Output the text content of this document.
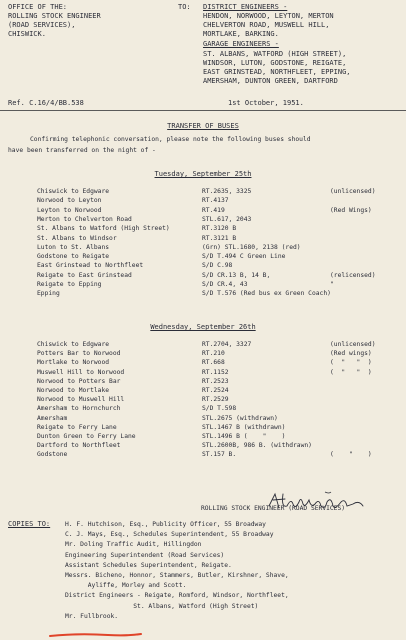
OFFICE OF THE:
ROLLING STOCK ENGINEER
(ROAD SERVICES),
CHISWICK.
TO: DISTRICT ENGINEERS -
HENDON, NORWOOD, LEYTON, MERTON
CHELVERTON ROAD, MUSWELL HILL,
MORTLAKE, BARKING.
GARAGE ENGINEERS -
ST. ALBANS, WATFORD (HIGH STREET),
WINDSOR, LUTON, GODSTONE, REIGATE,
EAST GRINSTEAD, NORTHFLEET, EPPING,
AMERSHAM, DUNTON GREEN, DARTFORD
Ref. C.16/4/BB.538	1st October, 1951.
TRANSFER OF BUSES
Confirming telephonic conversation, please note the following buses should
have been transferred on the night of -
Tuesday, September 25th
Wednesday, September 26th
ROLLING STOCK ENGINEER (ROAD SERVICES)
COPIES TO:
Chiswick to Edgware	RT.2635, 3325	(unlicensed)
Norwood to Leyton	RT.4137
Leyton to Norwood	RT.419	(Red Wings)
Merton to Chelverton Road	STL.617, 2043
St. Albans to Watford (High Street)	RT.3120 B
St. Albans to Windsor	RT.3121 B
Luton to St. Albans	(Grn) STL.1680, 2138 (red)
Godstone to Reigate	S/D T.494 C Green Line
East Grinstead to Northfleet	S/D C.98
Reigate to East Grinstead	S/D CR.13 B, 14 B,	(relicensed)
Reigate to Epping	S/D CR.4, 43	"
Epping	S/D T.576 (Red bus ex Green Coach)
Chiswick to Edgware	RT.2704, 3327	(unlicensed)
Potters Bar to Norwood	RT.210	(Red wings)
Mortlake to Norwood	RT.668	(  "   "  )
Muswell Hill to Norwood	RT.1152	(  "   "  )
Norwood to Potters Bar	RT.2523
Norwood to Mortlake	RT.2524
Norwood to Muswell Hill	RT.2529
Amersham to Hornchurch	S/D T.598
Amersham	STL.2675 (withdrawn)
Reigate to Ferry Lane	STL.1467 B (withdrawn)
Dunton Green to Ferry Lane	STL.1496 B (    "    )
Dartford to Northfleet	STL.2600B, 986 B. (withdrawn)
Godstone	ST.157 B.	(    "    )
H. F. Hutchison, Esq., Publicity Officer, 55 Broadway
C. J. Mays, Esq., Schedules Superintendent, 55 Broadway
Mr. Doling Traffic Audit, Hillingdon
Engineering Superintendent (Road Services)
Assistant Schedules Superintendent, Reigate.
Messrs. Bicheno, Honnor, Stammers, Butler, Kirshner, Shave,
Ayliffe, Morley and Scott.
District Engineers - Reigate, Romford, Windsor, Northfleet,
St. Albans, Watford (High Street)
Mr. Fullbrook.
